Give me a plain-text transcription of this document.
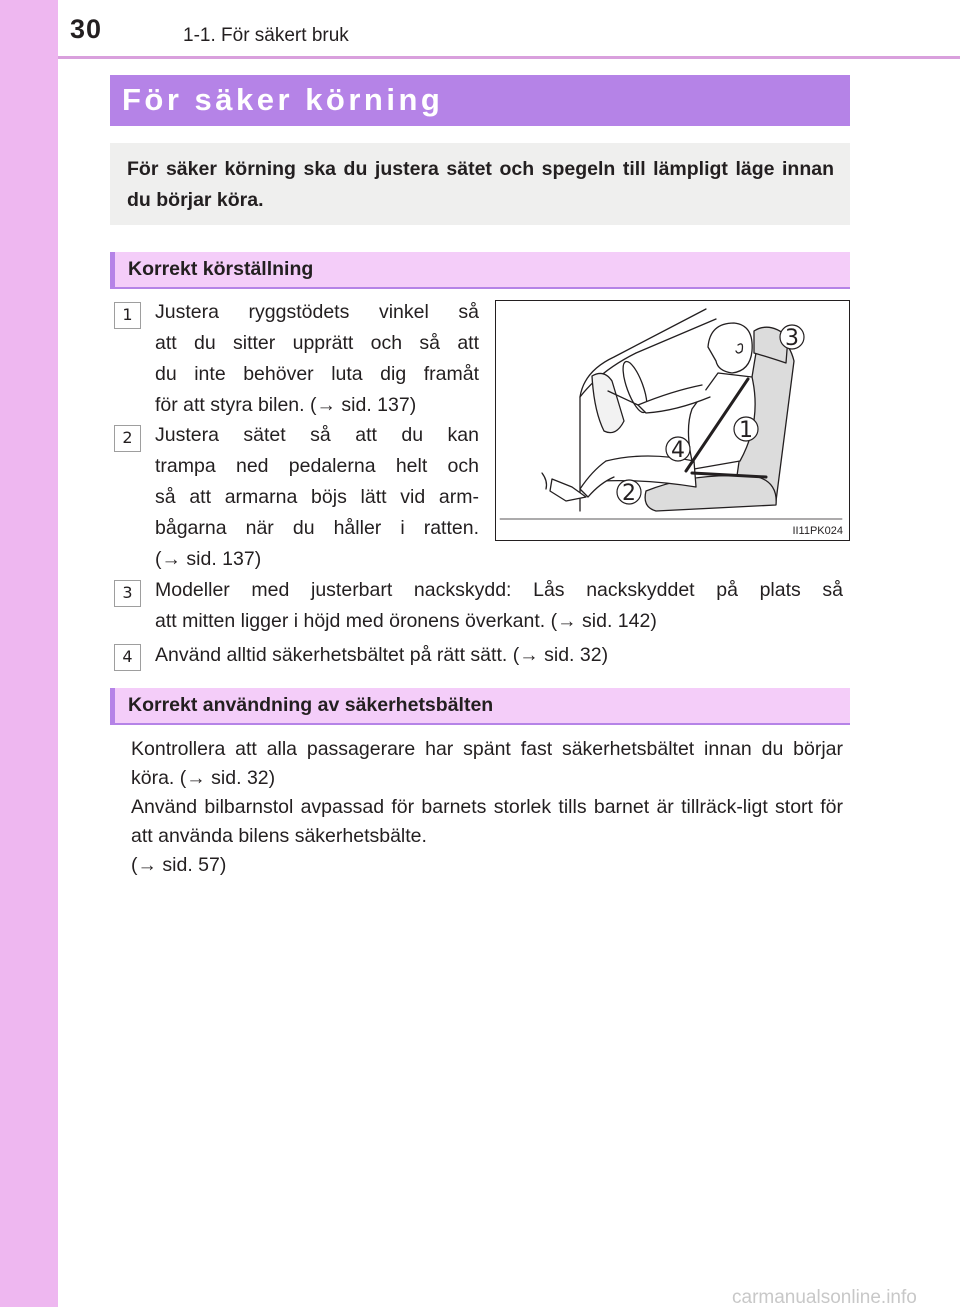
30	1-1. För säkert bruk
För säker körning

För säker körning ska du justera sätet och spegeln till lämpligt läge innan du börjar köra.

Korrekt körställning
1	Justera ryggstödets vinkel så
att du sitter upprätt och så att
du inte behöver luta dig framåt
för att styra bilen. (→ sid. 137)
2	Justera sätet så att du kan
trampa ned pedalerna helt och
så att armarna böjs lätt vid arm-
bågarna när du håller i ratten.
(→ sid. 137)
3	Modeller med justerbart nackskydd: Lås nackskyddet på plats så
att mitten ligger i höjd med öronens överkant. (→ sid. 142)
4	Använd alltid säkerhetsbältet på rätt sätt. (→ sid. 32)
3
1
4
2
II11PK024
Korrekt användning av säkerhetsbälten

Kontrollera att alla passagerare har spänt fast säkerhetsbältet innan du börjar köra. (→ sid. 32)

Använd bilbarnstol avpassad för barnets storlek tills barnet är tillräck-ligt stort för att använda bilens säkerhetsbälte.

(→ sid. 57)

carmanualsonline.info
